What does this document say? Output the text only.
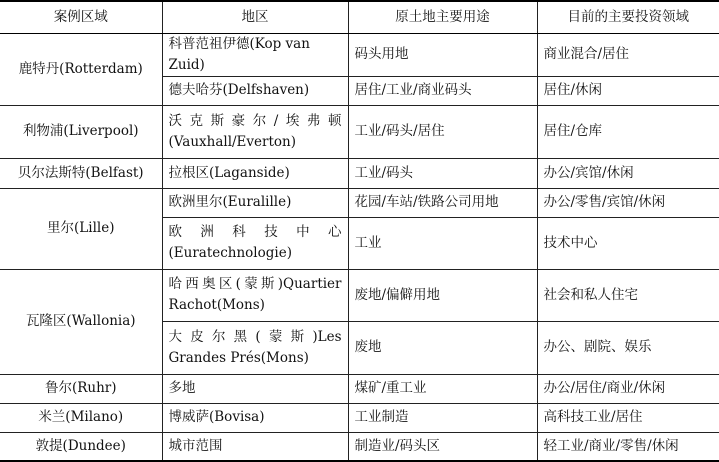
案例区域	地区	原土地主要用途	目前的主要投资领域
鹿特丹(Rotterdam)	科普范祖伊德(Kop van Zuid)	码头用地	商业混合/居住
	德夫哈芬(Delfshaven)	居住/工业/商业码头	居住/休闲
利物浦(Liverpool)	沃克斯豪尔/埃弗顿(Vauxhall/Everton)	工业/码头/居住	居住/仓库
贝尔法斯特(Belfast)	拉根区(Laganside)	工业/码头	办公/宾馆/休闲
里尔(Lille)	欧洲里尔(Euralille)	花园/车站/铁路公司用地	办公/零售/宾馆/休闲
	欧洲科技中心(Euratechnologie)	工业	技术中心
瓦隆区(Wallonia)	哈西奥区(蒙斯)Quartier Rachot(Mons)	废地/偏僻用地	社会和私人住宅
	大皮尔黑(蒙斯)Les Grandes Prés(Mons)	废地	办公、剧院、娱乐
鲁尔(Ruhr)	多地	煤矿/重工业	办公/居住/商业/休闲
米兰(Milano)	博威萨(Bovisa)	工业制造	高科技工业/居住
敦提(Dundee)	城市范围	制造业/码头区	轻工业/商业/零售/休闲
